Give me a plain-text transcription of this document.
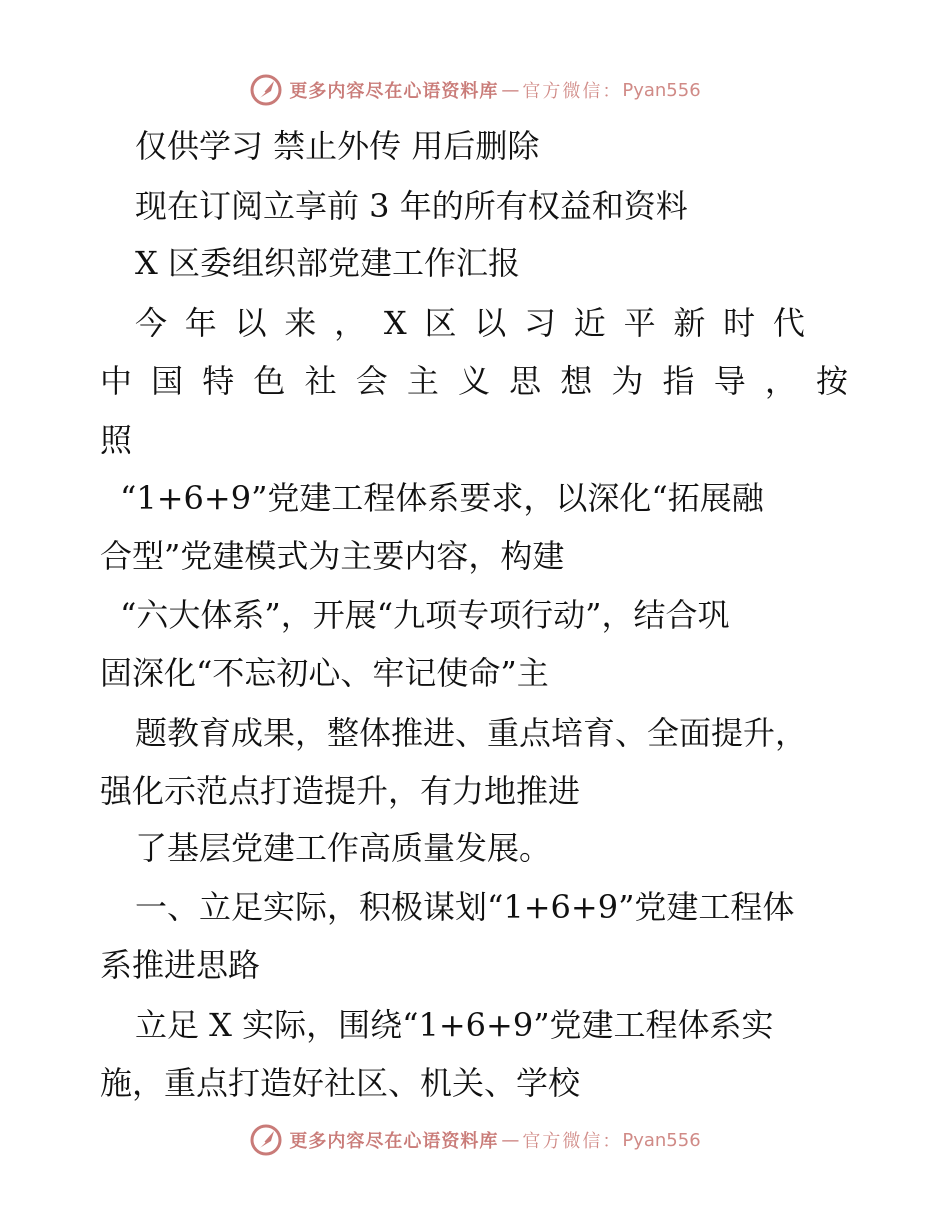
更多内容尽在心语资料库 — 官方微信： Pyan556

仅供学习 禁止外传 用后删除

现在订阅立享前 3 年的所有权益和资料

X 区委组织部党建工作汇报

今 年 以 来 ， X 区 以 习 近 平 新 时 代
中 国 特 色 社 会 主 义 思 想 为 指 导 ， 按

照

“1+6+9”党建工程体系要求，以深化“拓展融

合型”党建模式为主要内容，构建

“六大体系”，开展“九项专项行动”，结合巩

固深化“不忘初心、牢记使命”主

题教育成果，整体推进、重点培育、全面提升，

强化示范点打造提升，有力地推进

了基层党建工作高质量发展。

一、立足实际，积极谋划“1+6+9”党建工程体

系推进思路

立足 X 实际，围绕“1+6+9”党建工程体系实

施，重点打造好社区、机关、学校

更多内容尽在心语资料库 — 官方微信： Pyan556
